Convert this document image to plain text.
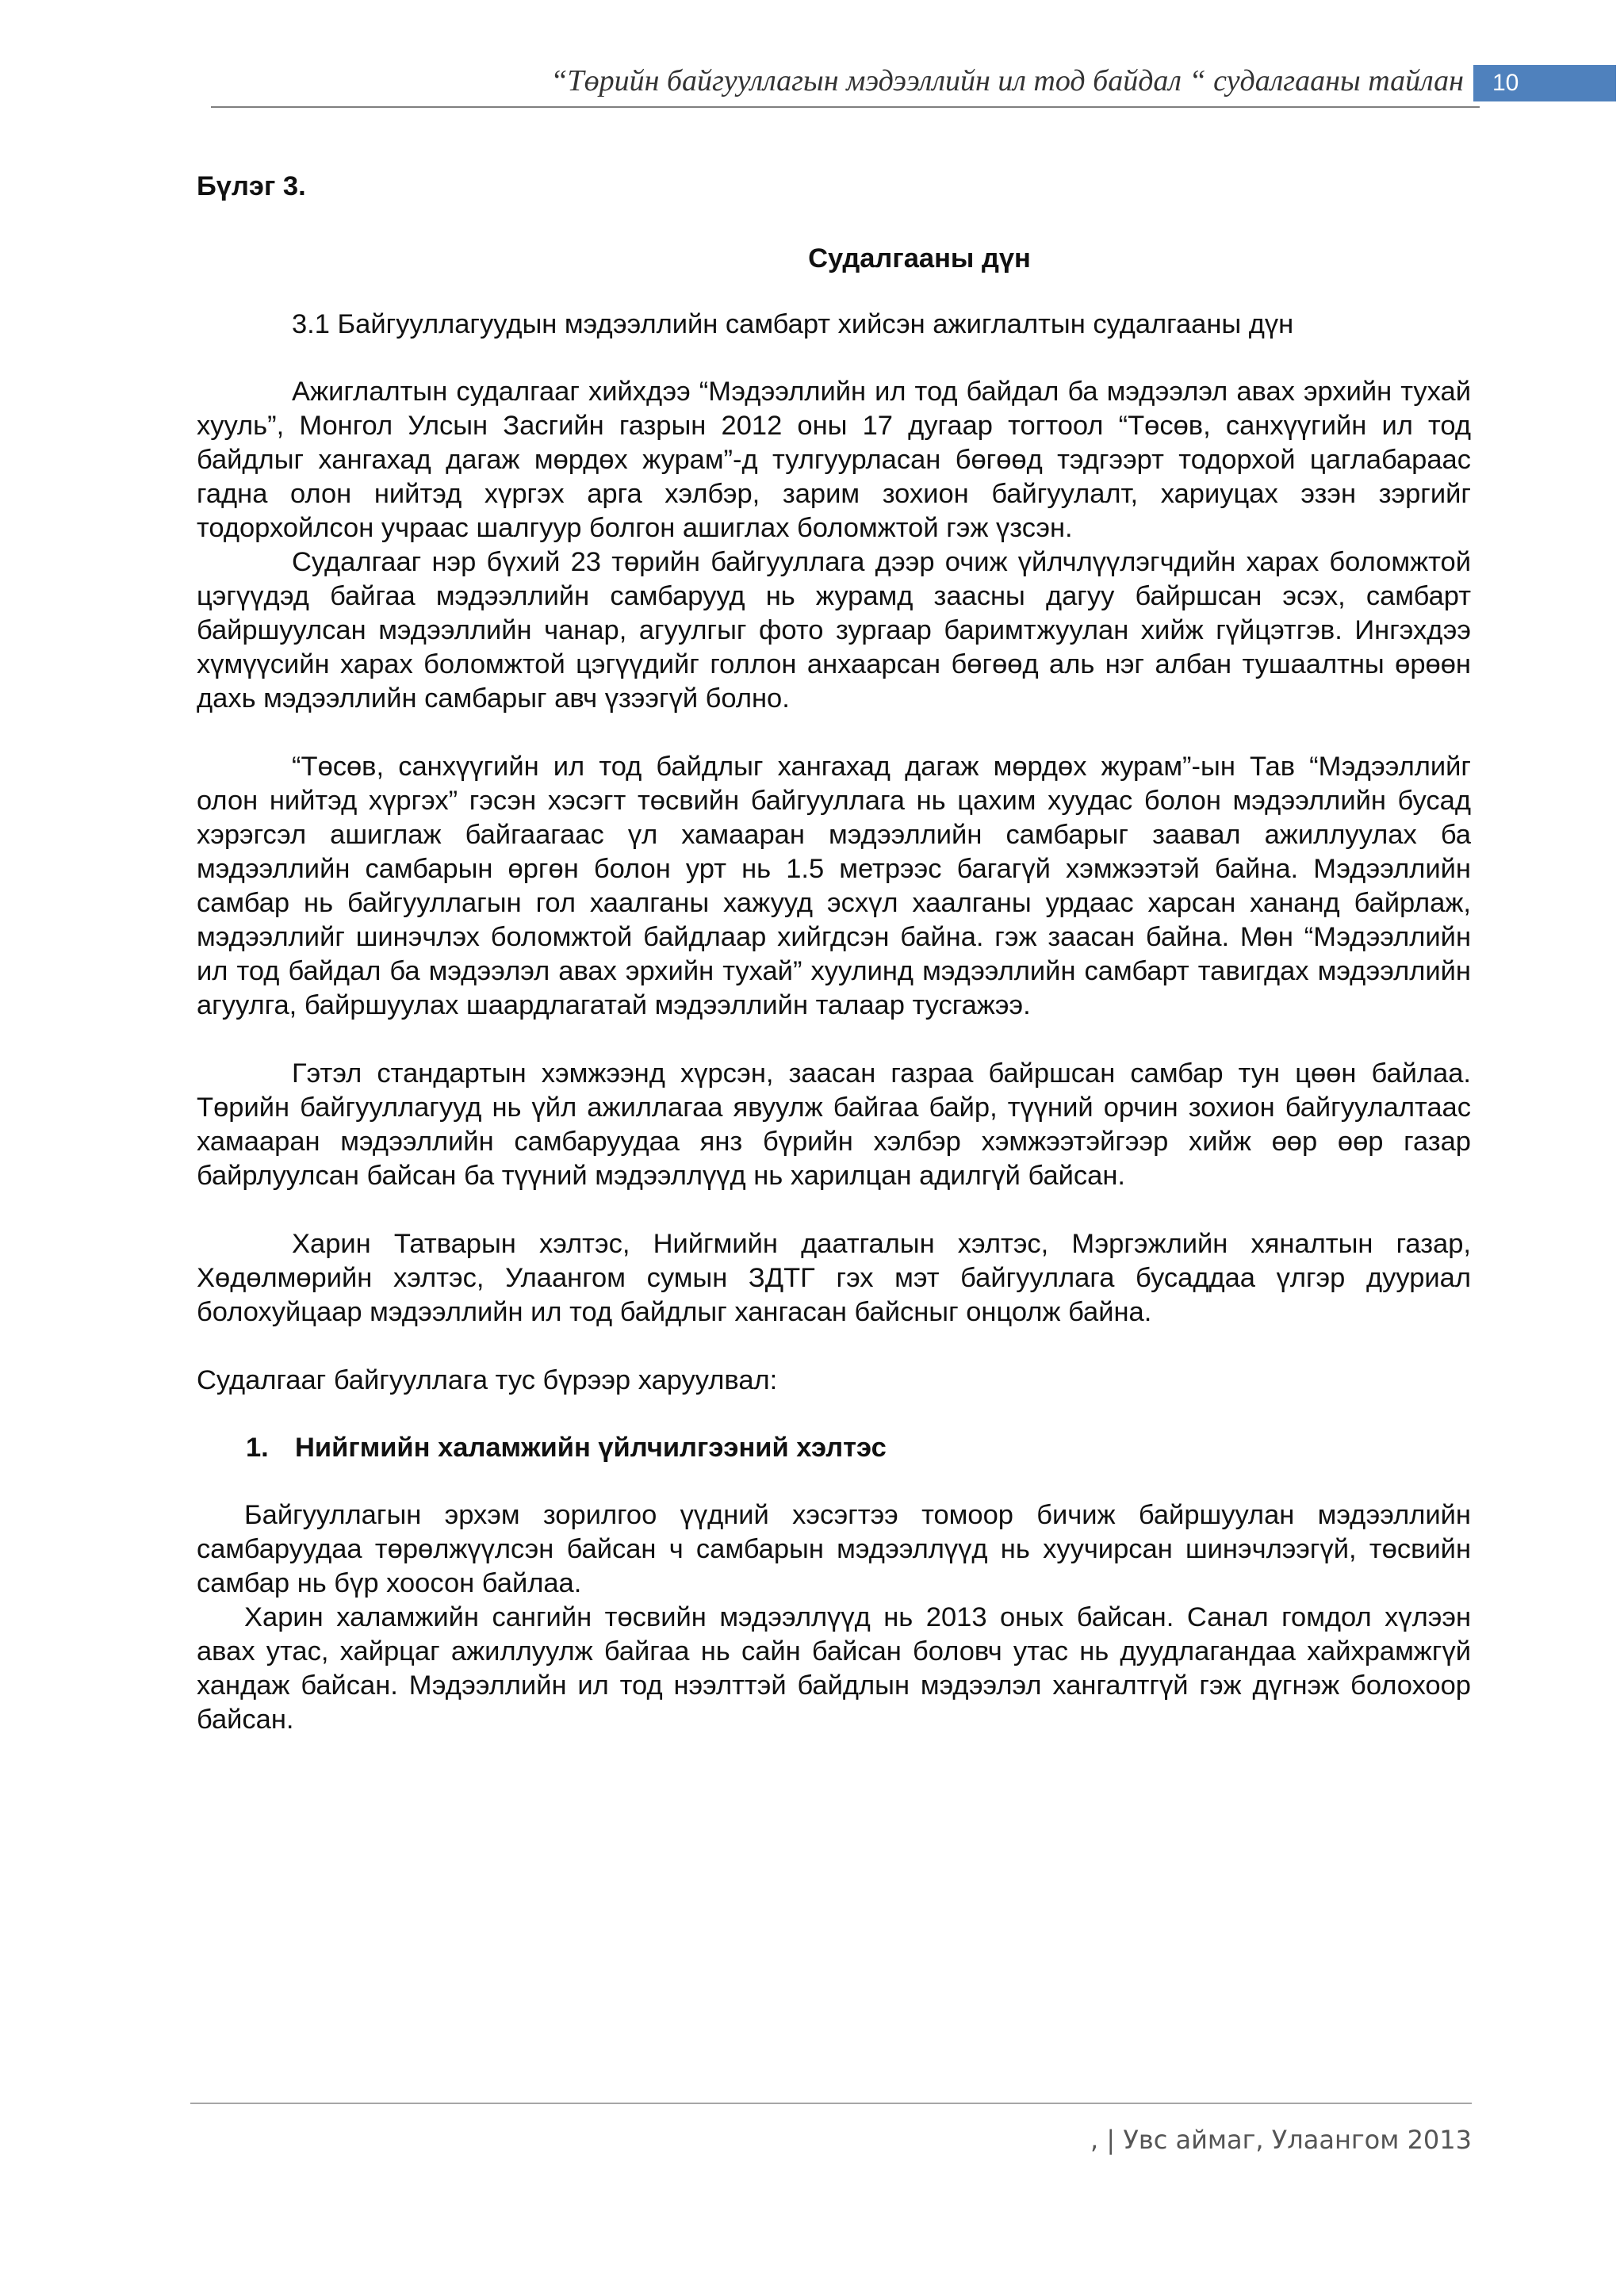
“Төрийн байгууллагын мэдээллийн ил тод байдал “ судалгааны тайлан	10
Бүлэг 3.
Судалгааны дүн
3.1 Байгууллагуудын мэдээллийн самбарт хийсэн ажиглалтын судалгааны дүн

Ажиглалтын судалгааг хийхдээ “Мэдээллийн ил тод байдал ба мэдээлэл авах эрхийн тухай хууль”, Монгол Улсын Засгийн газрын 2012 оны 17 дугаар тогтоол “Төсөв, санхүүгийн ил тод байдлыг хангахад дагаж мөрдөх журам”-д тулгуурласан бөгөөд тэдгээрт тодорхой цаглабараас гадна олон нийтэд хүргэх арга хэлбэр, зарим зохион байгуулалт, хариуцах эзэн зэргийг тодорхойлсон учраас шалгуур болгон ашиглах боломжтой гэж үзсэн.

Судалгааг нэр бүхий 23 төрийн байгууллага дээр очиж үйлчлүүлэгчдийн харах боломжтой цэгүүдэд байгаа мэдээллийн самбарууд нь журамд заасны дагуу байршсан эсэх, самбарт байршуулсан мэдээллийн чанар, агуулгыг фото зургаар баримтжуулан хийж гүйцэтгэв. Ингэхдээ хүмүүсийн харах боломжтой цэгүүдийг голлон анхаарсан бөгөөд аль нэг албан тушаалтны өрөөн дахь мэдээллийн самбарыг авч үзээгүй болно.

“Төсөв, санхүүгийн ил тод байдлыг хангахад дагаж мөрдөх журам”-ын Тав “Мэдээллийг олон нийтэд хүргэх” гэсэн хэсэгт төсвийн байгууллага нь цахим хуудас болон мэдээллийн бусад хэрэгсэл ашиглаж байгаагаас үл хамааран мэдээллийн самбарыг заавал ажиллуулах ба мэдээллийн самбарын өргөн болон урт нь 1.5 метрээс багагүй хэмжээтэй байна. Мэдээллийн самбар нь байгууллагын гол хаалганы хажууд эсхүл хаалганы урдаас харсан хананд байрлаж, мэдээллийг шинэчлэх боломжтой байдлаар хийгдсэн байна. гэж заасан байна. Мөн “Мэдээллийн ил тод байдал ба мэдээлэл авах эрхийн тухай” хуулинд мэдээллийн самбарт тавигдах мэдээллийн агуулга, байршуулах шаардлагатай мэдээллийн талаар тусгажээ.

Гэтэл стандартын хэмжээнд хүрсэн, заасан газраа байршсан самбар тун цөөн байлаа. Төрийн байгууллагууд нь үйл ажиллагаа явуулж байгаа байр, түүний орчин зохион байгуулалтаас хамааран мэдээллийн самбаруудаа янз бүрийн хэлбэр хэмжээтэйгээр хийж өөр өөр газар байрлуулсан байсан ба түүний мэдээллүүд нь харилцан адилгүй байсан.

Харин Татварын хэлтэс, Нийгмийн даатгалын хэлтэс, Мэргэжлийн хяналтын газар, Хөдөлмөрийн хэлтэс, Улаангом сумын ЗДТГ гэх мэт байгууллага бусаддаа үлгэр дууриал болохуйцаар мэдээллийн ил тод байдлыг хангасан байсныг онцолж байна.

Судалгааг байгууллага тус бүрээр харуулвал:

1. Нийгмийн халамжийн үйлчилгээний хэлтэс

Байгууллагын эрхэм зорилгоо үүдний хэсэгтээ томоор бичиж байршуулан мэдээллийн самбаруудаа төрөлжүүлсэн байсан ч самбарын мэдээллүүд нь хуучирсан шинэчлээгүй, төсвийн самбар нь бүр хоосон байлаа.

Харин халамжийн сангийн төсвийн мэдээллүүд нь 2013 оных байсан. Санал гомдол хүлээн авах утас, хайрцаг ажиллуулж байгаа нь сайн байсан боловч утас нь дуудлагандаа хайхрамжгүй хандаж байсан. Мэдээллийн ил тод нээлттэй байдлын мэдээлэл хангалтгүй гэж дүгнэж болохоор байсан.

, | Увс аймаг, Улаангом 2013
